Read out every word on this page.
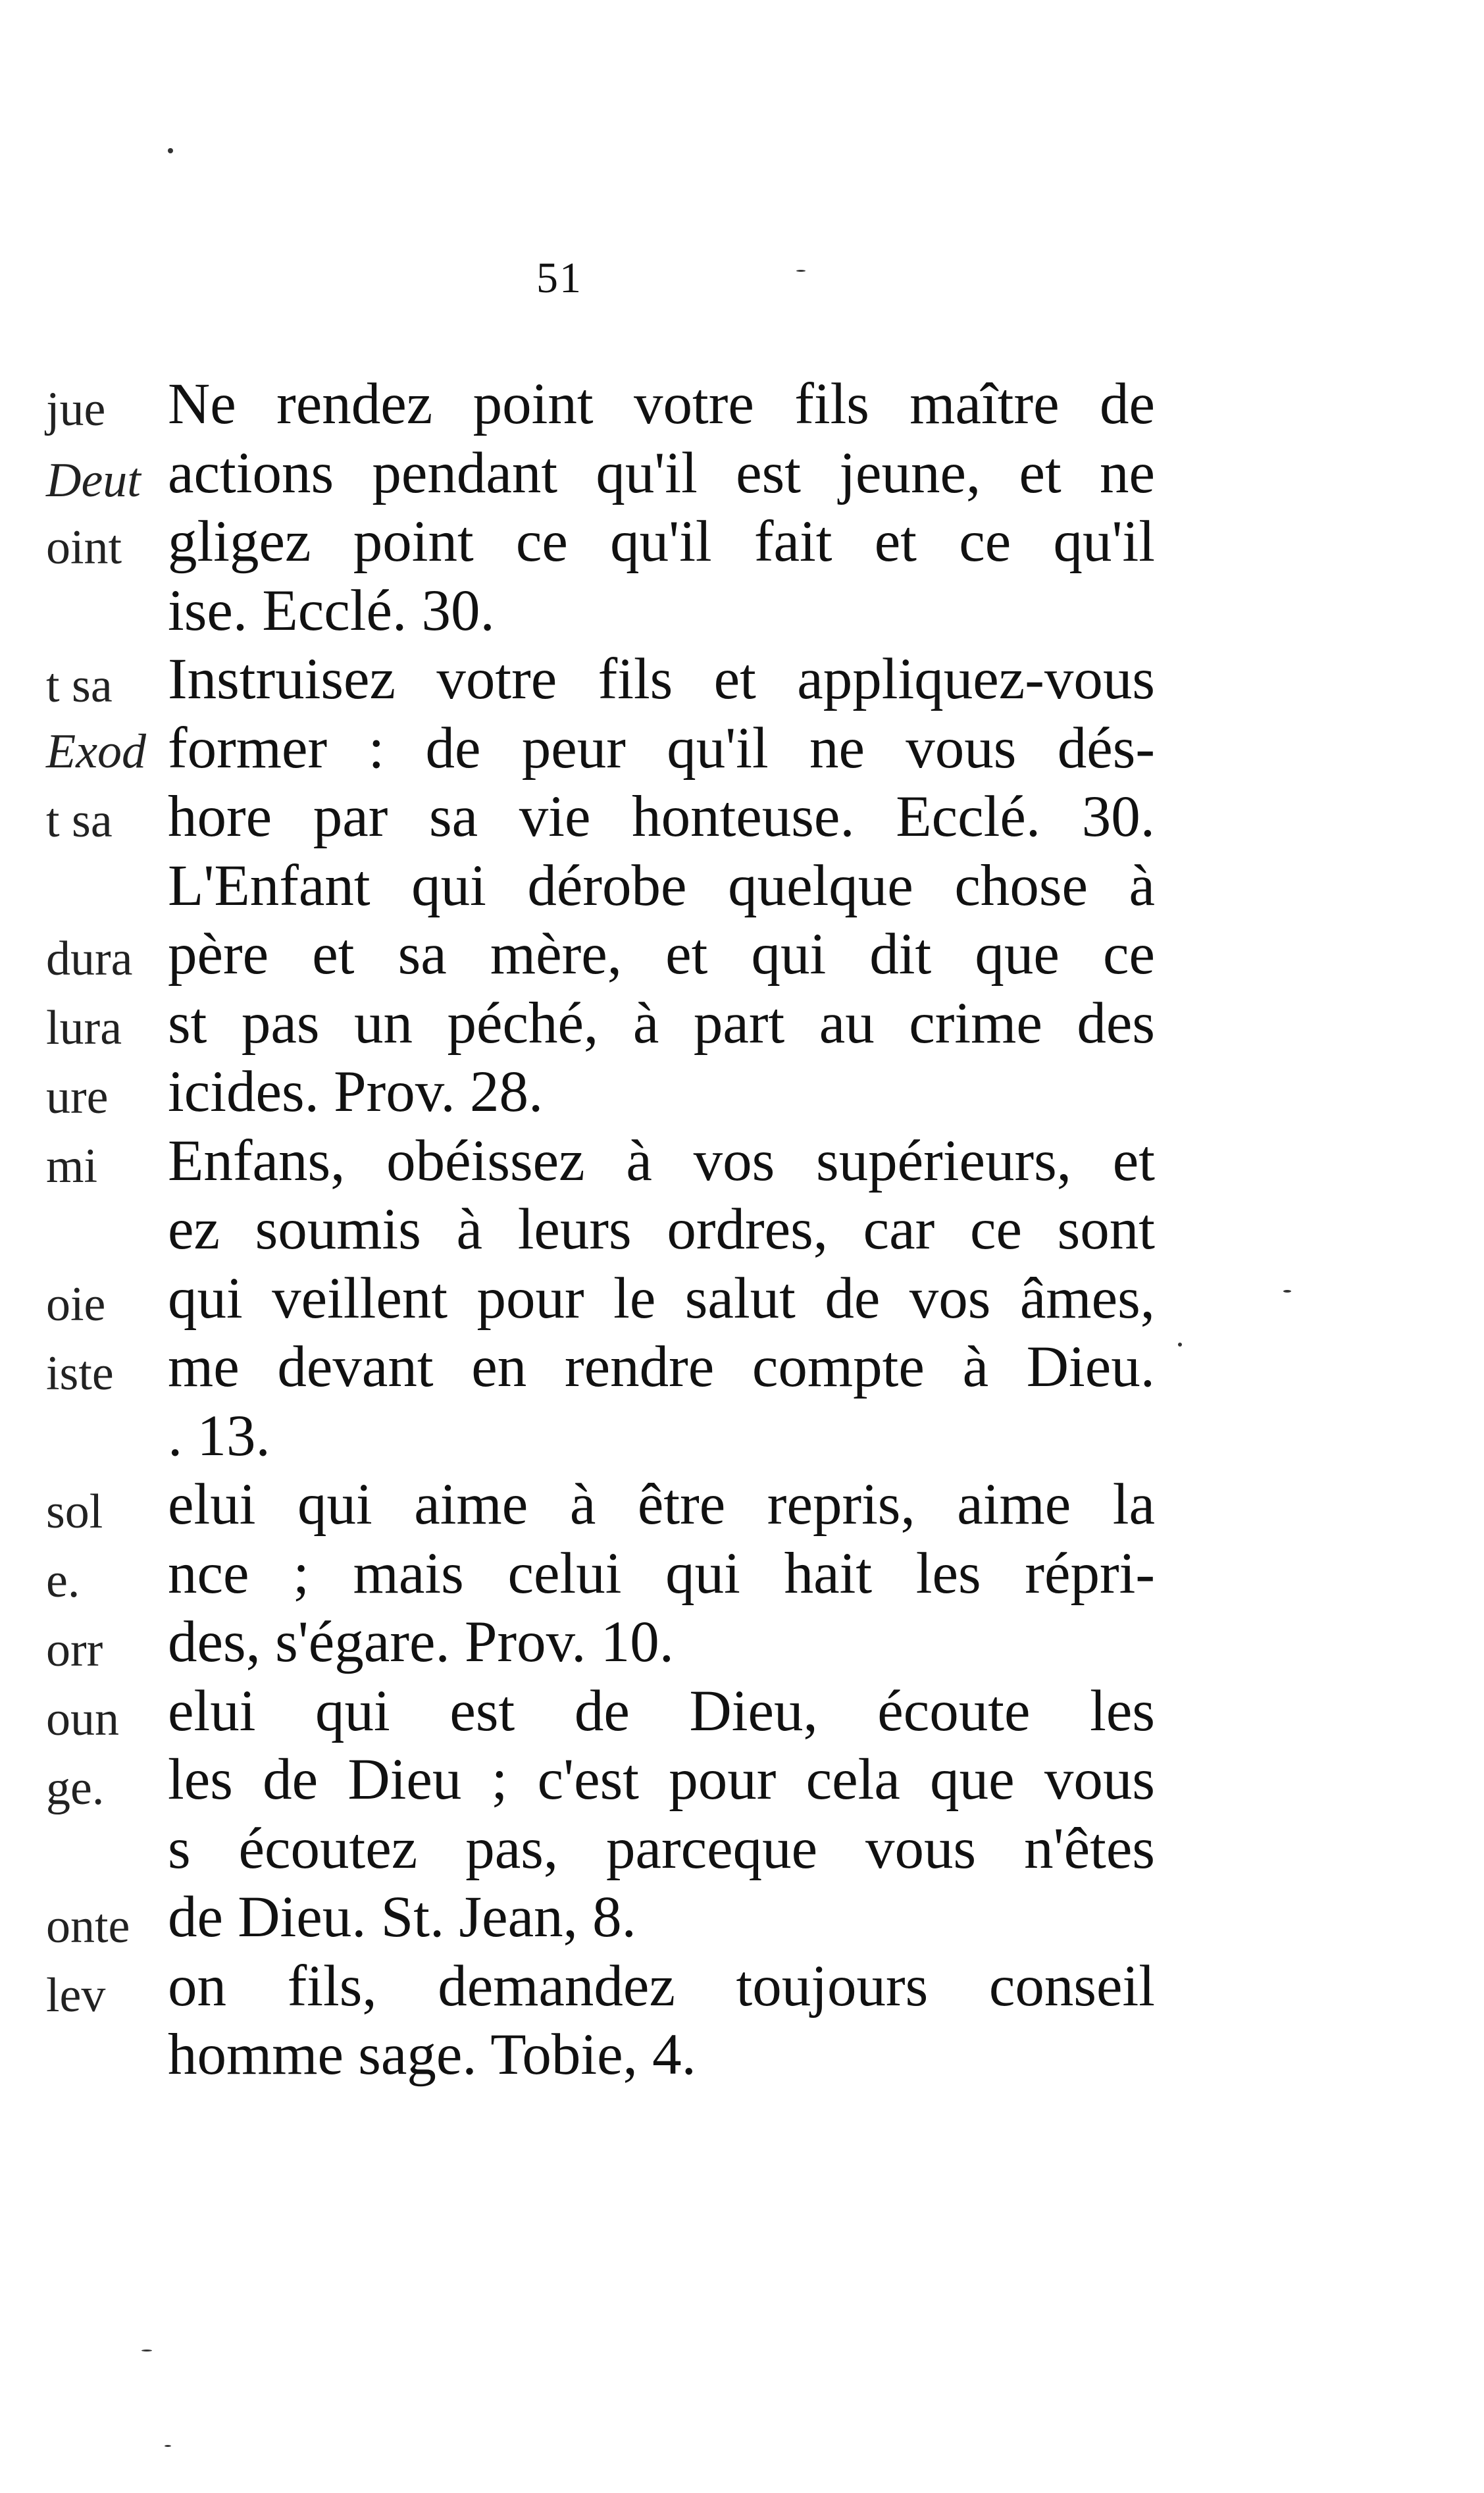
51
jue
Deut
oint
t sa
Exod
t sa
dura
lura
ure
mi
oie
iste
sol
e.
orr
oun
ge.
onte
lev
Ne rendez point votre fils maître de
actions pendant qu'il est jeune, et ne
gligez point ce qu'il fait et ce qu'il
ise. Ecclé. 30.
Instruisez votre fils et appliquez-vous
former : de peur qu'il ne vous dés-
hore par sa vie honteuse. Ecclé. 30.
L'Enfant qui dérobe quelque chose à
père et sa mère, et qui dit que ce
st pas un péché, à part au crime des
icides. Prov. 28.
Enfans, obéissez à vos supérieurs, et
ez soumis à leurs ordres, car ce sont
qui veillent pour le salut de vos âmes,
me devant en rendre compte à Dieu.
. 13.
elui qui aime à être repris, aime la
nce ; mais celui qui hait les répri-
des, s'égare. Prov. 10.
elui qui est de Dieu, écoute les
les de Dieu ; c'est pour cela que vous
s écoutez pas, parceque vous n'êtes
de Dieu. St. Jean, 8.
on fils, demandez toujours conseil
homme sage. Tobie, 4.
